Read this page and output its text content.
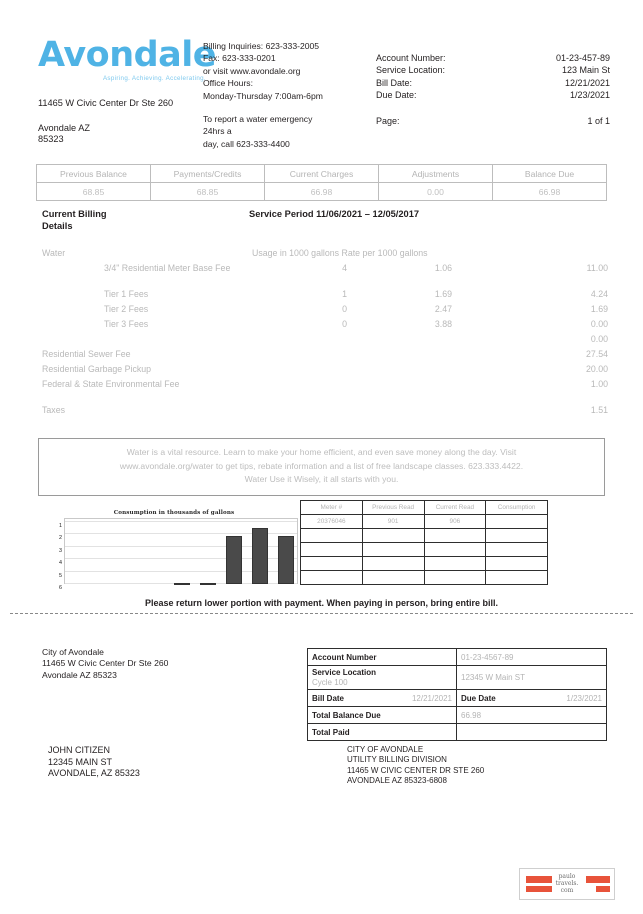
Avondale
Aspiring. Achieving. Accelerating.
11465 W Civic Center Dr Ste 260
Avondale AZ
85323
Billing Inquiries: 623-333-2005
Fax: 623-333-0201
or visit www.avondale.org
Office Hours:
Monday-Thursday 7:00am-6pm
To report a water emergency
24hrs a
day, call 623-333-4400
Account Number:	01-23-457-89
Service Location:	123 Main St
Bill Date:	12/21/2021
Due Date:	1/23/2021
Page:	1 of 1
Previous Balance	Payments/Credits	Current Charges	Adjustments	Balance Due
68.85	68.85	66.98	0.00	66.98
Current Billing
Details
Service Period 11/06/2021 – 12/05/2017
Water	Usage in 1000 gallons Rate per 1000 gallons
3/4" Residential Meter Base Fee	4	1.06	11.00
Tier 1 Fees	1	1.69	4.24
Tier 2 Fees	0	2.47	1.69
Tier 3 Fees	0	3.88	0.00
0.00
Residential Sewer Fee	27.54
Residential Garbage Pickup	20.00
Federal & State Environmental Fee	1.00
Taxes	1.51
Water is a vital resource. Learn to make your home efficient, and even save money along the day. Visit
www.avondale.org/water to get tips, rebate information and a list of free landscape classes. 623.333.4422.
Water Use it Wisely, it all starts with you.
Consumption in thousands of gallons
1
2
3
4
5
6
Meter #	Previous Read	Current Read	Consumption
20376046	901	906	

Please return lower portion with payment. When paying in person, bring entire bill.
City of Avondale
11465 W Civic Center Dr Ste 260
Avondale AZ 85323
Account Number	01-23-4567-89
Service Location
Cycle 100	12345 W Main ST
Bill Date 12/21/2021	Due Date 1/23/2021

Total Balance Due	66.98
Total Paid	
JOHN CITIZEN
12345 MAIN ST
AVONDALE, AZ 85323
CITY OF AVONDALE
UTILITY BILLING DIVISION
11465 W CIVIC CENTER DR STE 260
AVONDALE AZ 85323-6808
paulo
travels.
com
